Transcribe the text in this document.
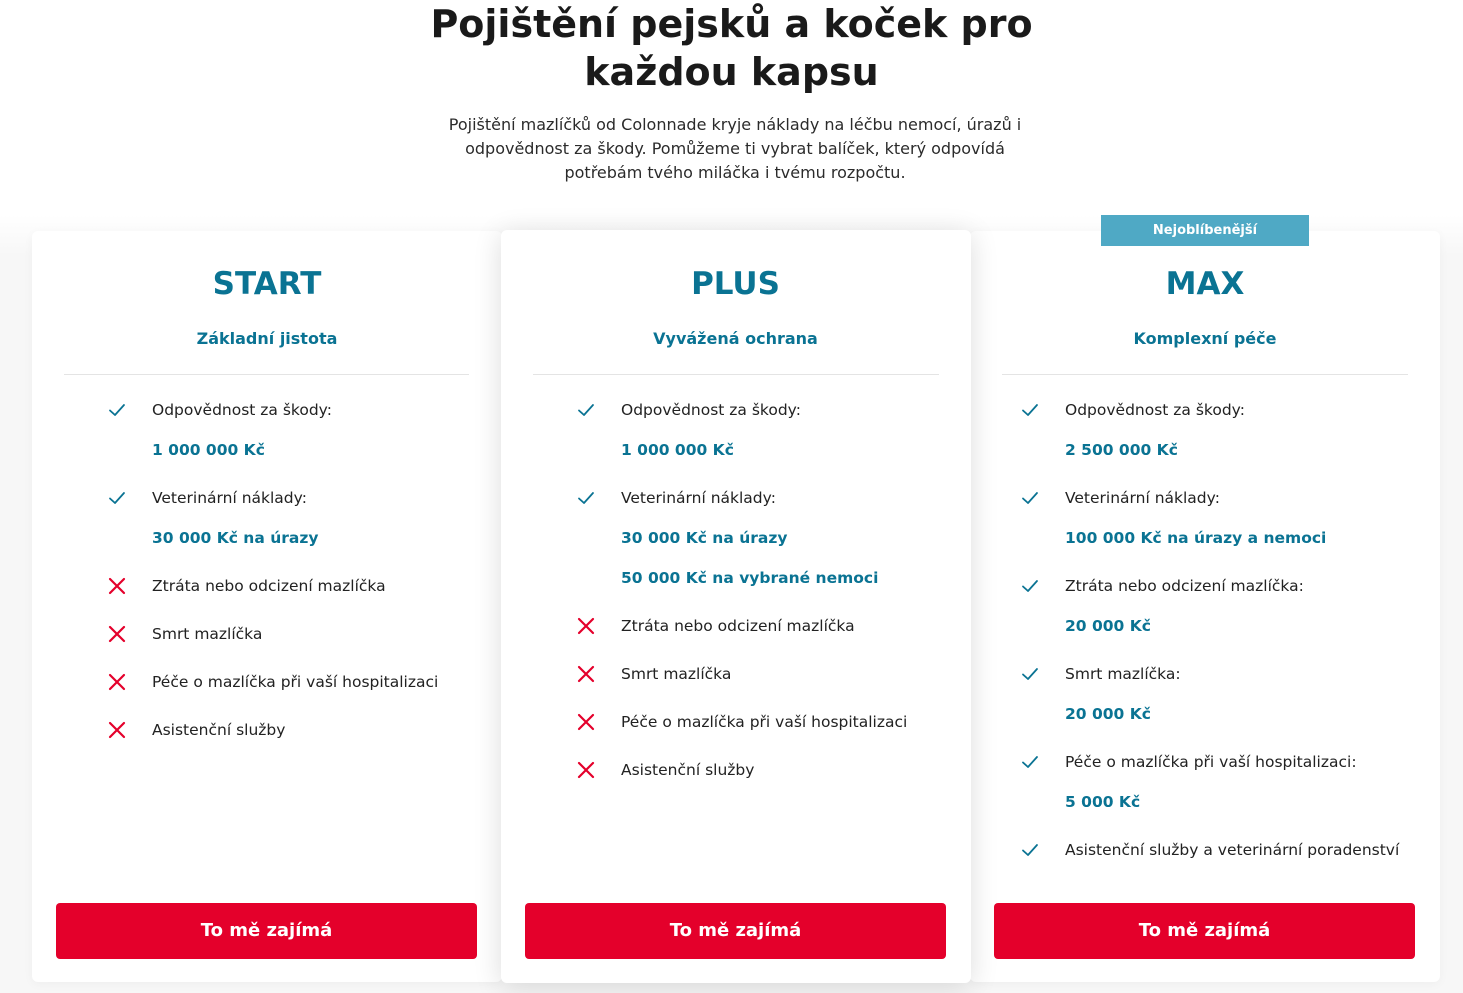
Pojištění pejsků a koček pro
každou kapsu

Pojištění mazlíčků od Colonnade kryje náklady na léčbu nemocí, úrazů i
odpovědnost za škody. Pomůžeme ti vybrat balíček, který odpovídá
potřebám tvého miláčka i tvému rozpočtu.

Nejoblíbenější
START
Základní jistota
Odpovědnost za škody:
1 000 000 Kč
Veterinární náklady:
30 000 Kč na úrazy
Ztráta nebo odcizení mazlíčka
Smrt mazlíčka
Péče o mazlíčka při vaší hospitalizaci
Asistenční služby
To mě zajímá
PLUS
Vyvážená ochrana
Odpovědnost za škody:
1 000 000 Kč
Veterinární náklady:
30 000 Kč na úrazy
50 000 Kč na vybrané nemoci
Ztráta nebo odcizení mazlíčka
Smrt mazlíčka
Péče o mazlíčka při vaší hospitalizaci
Asistenční služby
To mě zajímá
MAX
Komplexní péče
Odpovědnost za škody:
2 500 000 Kč
Veterinární náklady:
100 000 Kč na úrazy a nemoci
Ztráta nebo odcizení mazlíčka:
20 000 Kč
Smrt mazlíčka:
20 000 Kč
Péče o mazlíčka při vaší hospitalizaci:
5 000 Kč
Asistenční služby a veterinární poradenství
To mě zajímá
